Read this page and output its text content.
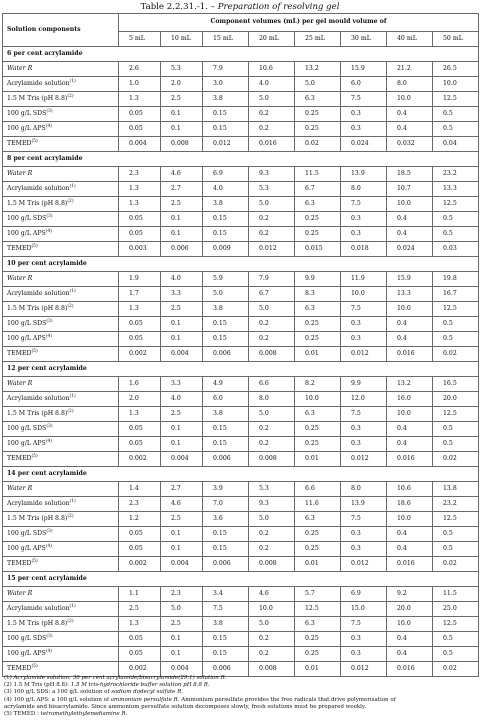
Table 2.2.31.-1. – Preparation of resolving gel
Solution components	Component volumes (mL) per gel mould volume of							
	5 mL	10 mL	15 mL	20 mL	25 mL	30 mL	40 mL	50 mL
6 per cent acrylamide								
Water R	2.6	5.3	7.9	10.6	13.2	15.9	21.2	26.5
Acrylamide solution$^{(1)}$	1.0	2.0	3.0	4.0	5.0	6.0	8.0	10.0
1.5 M Tris (pH 8.8)$^{(2)}$	1.3	2.5	3.8	5.0	6.3	7.5	10.0	12.5
100 g/L SDS$^{(3)}$	0.05	0.1	0.15	0.2	0.25	0.3	0.4	0.5
100 g/L APS$^{(4)}$	0.05	0.1	0.15	0.2	0.25	0.3	0.4	0.5
TEMED$^{(5)}$	0.004	0.008	0.012	0.016	0.02	0.024	0.032	0.04
8 per cent acrylamide								
Water R	2.3	4.6	6.9	9.3	11.5	13.9	18.5	23.2
Acrylamide solution$^{(1)}$	1.3	2.7	4.0	5.3	6.7	8.0	10.7	13.3
1.5 M Tris (pH 8.8)$^{(2)}$	1.3	2.5	3.8	5.0	6.3	7.5	10.0	12.5
100 g/L SDS$^{(3)}$	0.05	0.1	0.15	0.2	0.25	0.3	0.4	0.5
100 g/L APS$^{(4)}$	0.05	0.1	0.15	0.2	0.25	0.3	0.4	0.5
TEMED$^{(5)}$	0.003	0.006	0.009	0.012	0.015	0.018	0.024	0.03
10 per cent acrylamide								
Water R	1.9	4.0	5.9	7.9	9.9	11.9	15.9	19.8
Acrylamide solution$^{(1)}$	1.7	3.3	5.0	6.7	8.3	10.0	13.3	16.7
1.5 M Tris (pH 8.8)$^{(2)}$	1.3	2.5	3.8	5.0	6.3	7.5	10.0	12.5
100 g/L SDS$^{(3)}$	0.05	0.1	0.15	0.2	0.25	0.3	0.4	0.5
100 g/L APS$^{(4)}$	0.05	0.1	0.15	0.2	0.25	0.3	0.4	0.5
TEMED$^{(5)}$	0.002	0.004	0.006	0.008	0.01	0.012	0.016	0.02
12 per cent acrylamide								
Water R	1.6	3.3	4.9	6.6	8.2	9.9	13.2	16.5
Acrylamide solution$^{(1)}$	2.0	4.0	6.0	8.0	10.0	12.0	16.0	20.0
1.5 M Tris (pH 8.8)$^{(2)}$	1.3	2.5	3.8	5.0	6.3	7.5	10.0	12.5
100 g/L SDS$^{(3)}$	0.05	0.1	0.15	0.2	0.25	0.3	0.4	0.5
100 g/L APS$^{(4)}$	0.05	0.1	0.15	0.2	0.25	0.3	0.4	0.5
TEMED$^{(5)}$	0.002	0.004	0.006	0.008	0.01	0.012	0.016	0.02
14 per cent acrylamide								
Water R	1.4	2.7	3.9	5.3	6.6	8.0	10.6	13.8
Acrylamide solution$^{(1)}$	2.3	4.6	7.0	9.3	11.6	13.9	18.6	23.2
1.5 M Tris (pH 8.8)$^{(2)}$	1.2	2.5	3.6	5.0	6.3	7.5	10.0	12.5
100 g/L SDS$^{(3)}$	0.05	0.1	0.15	0.2	0.25	0.3	0.4	0.5
100 g/L APS$^{(4)}$	0.05	0.1	0.15	0.2	0.25	0.3	0.4	0.5
TEMED$^{(5)}$	0.002	0.004	0.006	0.008	0.01	0.012	0.016	0.02
15 per cent acrylamide								
Water R	1.1	2.3	3.4	4.6	5.7	6.9	9.2	11.5
Acrylamide solution$^{(1)}$	2.5	5.0	7.5	10.0	12.5	15.0	20.0	25.0
1.5 M Tris (pH 8.8)$^{(2)}$	1.3	2.5	3.8	5.0	6.3	7.5	10.0	12.5
100 g/L SDS$^{(3)}$	0.05	0.1	0.15	0.2	0.25	0.3	0.4	0.5
100 g/L APS$^{(4)}$	0.05	0.1	0.15	0.2	0.25	0.3	0.4	0.5
TEMED$^{(5)}$	0.002	0.004	0.006	0.008	0.01	0.012	0.016	0.02
(1) Acrylamide solution: 30 per cent acrylamide/bisacrylamide(29:1) solution R.
(2) 1.5 M Tris (pH 8.8): 1.5 M tris-hydrochloride buffer solution pH 8.8 R.
(3) 100 g/L SDS: a 100 g/L solution of sodium dodecyl sulfate R.
(4) 100 g/L APS: a 100 g/L solution of ammonium persulfate R. Ammonium persulfate provides the free radicals that drive polymerisation of
acrylamide and bisacrylamide. Since ammonium persulfate solution decomposes slowly, fresh solutions must be prepared weekly.
(5) TEMED : tetramethylethylenediamine R.
